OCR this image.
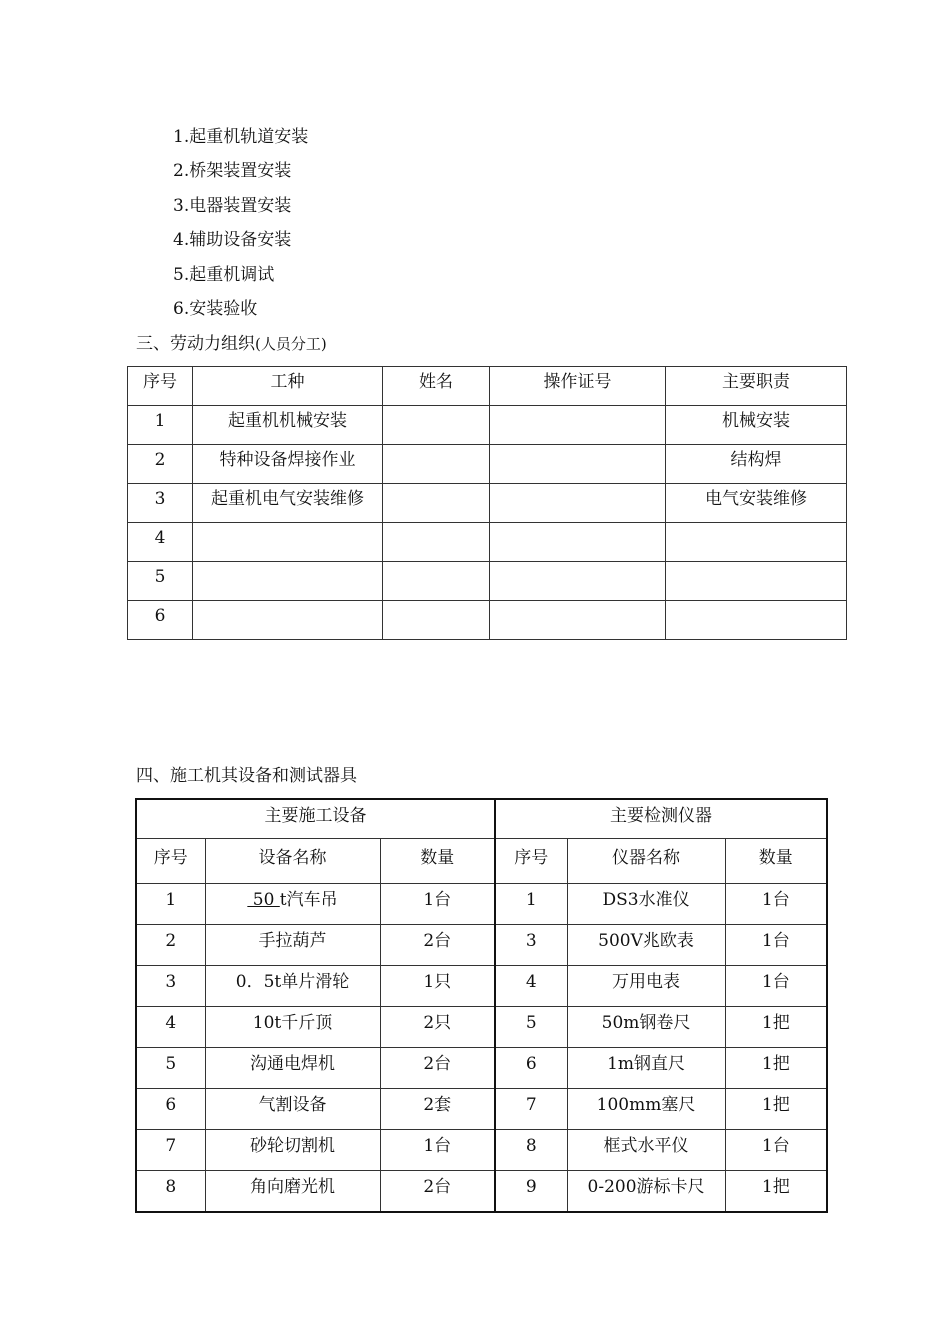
1.起重机轨道安装
2.桥架装置安装
3.电器装置安装
4.辅助设备安装
5.起重机调试
6.安装验收
三、劳动力组织(人员分工)
序号	工种	姓名	操作证号	主要职责
1	起重机机械安装			机械安装
2	特种设备焊接作业			结构焊
3	起重机电气安装维修			电气安装维修
4				
5				
6				
四、施工机其设备和测试器具
主要施工设备			主要检测仪器		
序号	设备名称	数量	序号	仪器名称	数量
1	50 t汽车吊	1台	1	DS3水准仪	1台
2	手拉葫芦	2台	3	500V兆欧表	1台
3	0．5t单片滑轮	1只	4	万用电表	1台
4	10t千斤顶	2只	5	50m钢卷尺	1把
5	沟通电焊机	2台	6	1m钢直尺	1把
6	气割设备	2套	7	100mm塞尺	1把
7	砂轮切割机	1台	8	框式水平仪	1台
8	角向磨光机	2台	9	0-200游标卡尺	1把
